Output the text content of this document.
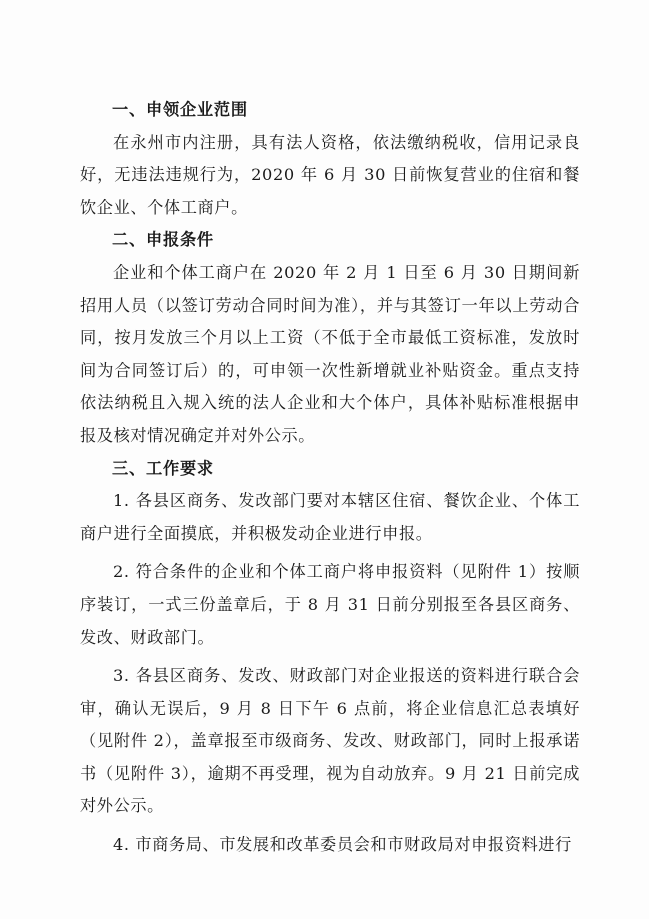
一、申领企业范围
在永州市内注册，具有法人资格，依法缴纳税收，信用记录良好，无违法违规行为，2020 年 6 月 30 日前恢复营业的住宿和餐饮企业、个体工商户。
二、申报条件
企业和个体工商户在 2020 年 2 月 1 日至 6 月 30 日期间新招用人员（以签订劳动合同时间为准），并与其签订一年以上劳动合同，按月发放三个月以上工资（不低于全市最低工资标准，发放时间为合同签订后）的，可申领一次性新增就业补贴资金。重点支持依法纳税且入规入统的法人企业和大个体户，具体补贴标准根据申报及核对情况确定并对外公示。
三、工作要求
1. 各县区商务、发改部门要对本辖区住宿、餐饮企业、个体工商户进行全面摸底，并积极发动企业进行申报。
2. 符合条件的企业和个体工商户将申报资料（见附件 1）按顺序装订，一式三份盖章后，于 8 月 31 日前分别报至各县区商务、发改、财政部门。
3. 各县区商务、发改、财政部门对企业报送的资料进行联合会审，确认无误后，9 月 8 日下午 6 点前，将企业信息汇总表填好（见附件 2），盖章报至市级商务、发改、财政部门，同时上报承诺书（见附件 3），逾期不再受理，视为自动放弃。9 月 21 日前完成对外公示。
4. 市商务局、市发展和改革委员会和市财政局对申报资料进行
